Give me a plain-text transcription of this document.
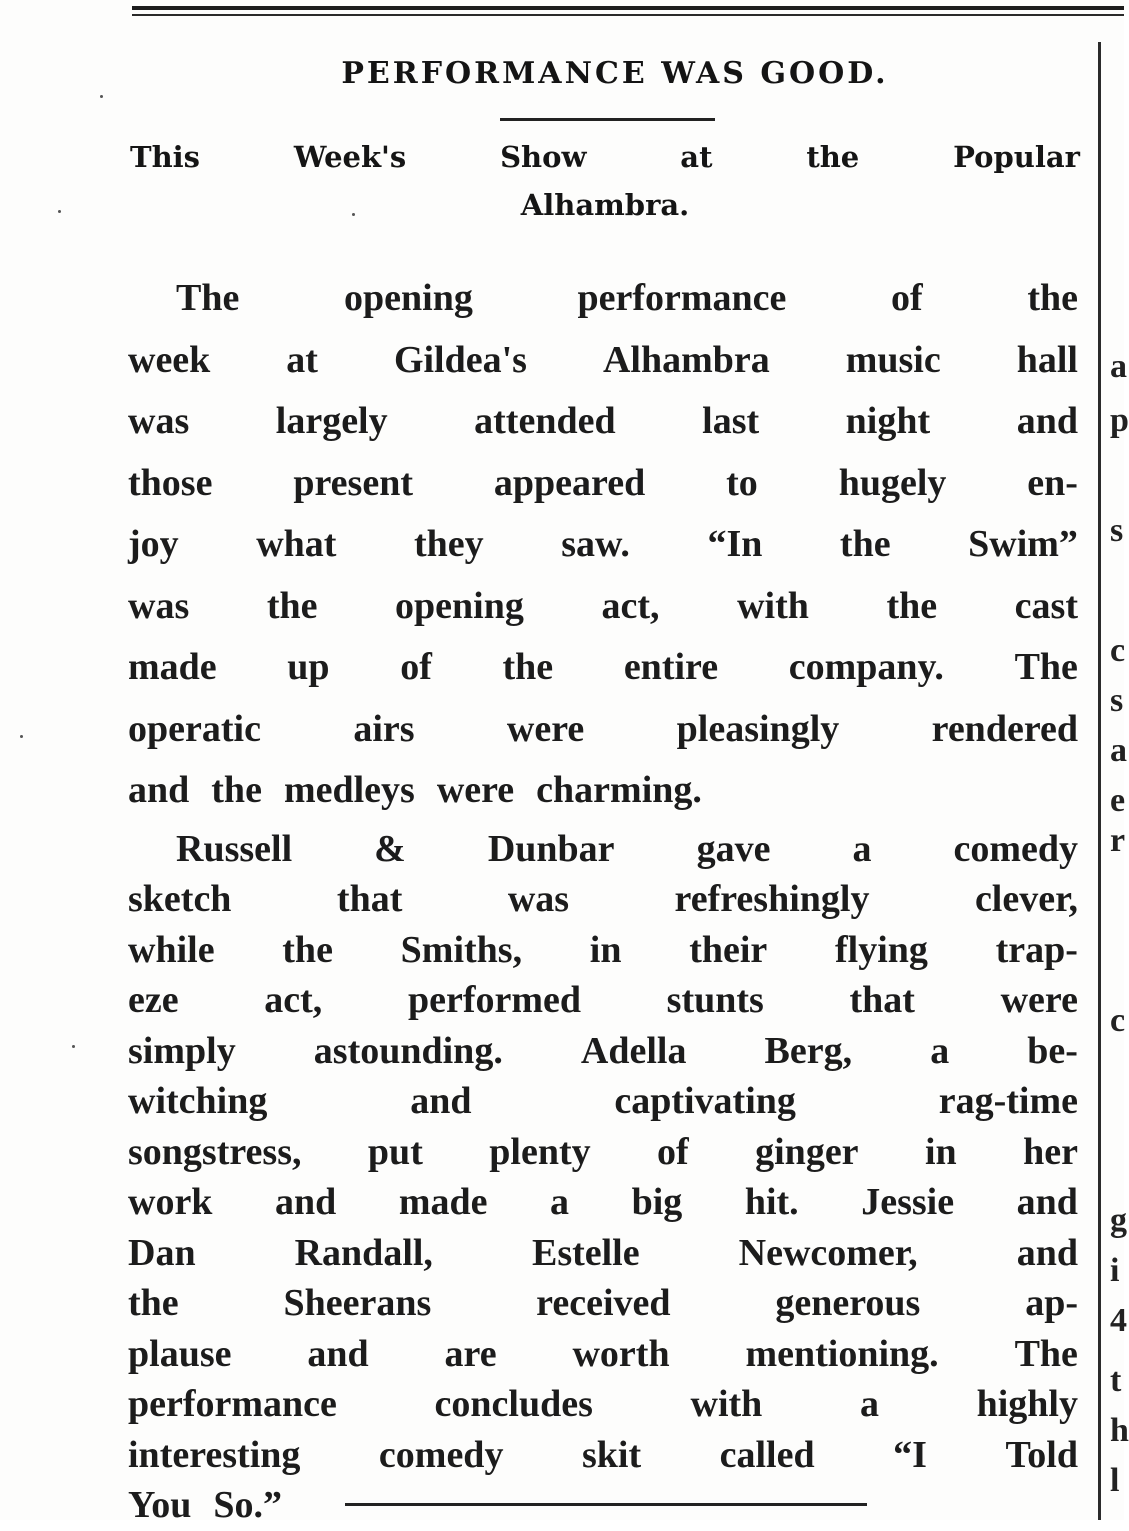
a
p
s
c
s
a
e
r
c
g
i
4
t
h
l
PERFORMANCE WAS GOOD.
This	Week's	Show	at	the	Popular
Alhambra.
The	opening	performance	of	the
week at Gildea's Alhambra music hall
was largely attended last night and
those present appeared to hugely en-
joy what they saw. “In the Swim”
was the opening act, with the cast
made up of the entire company. The
operatic airs were pleasingly rendered
and the medleys were charming.
Russell & Dunbar gave a comedy
sketch	that	was	refreshingly	clever,
while the Smiths, in their flying trap-
eze act, performed stunts that were
simply astounding. Adella Berg, a be-
witching	and	captivating	rag-time
songstress, put plenty of ginger in her
work and made a big hit. Jessie and
Dan	Randall,	Estelle	Newcomer,	and
the	Sheerans	received	generous	ap-
plause and are worth mentioning. The
performance	concludes	with	a	highly
interesting comedy skit called “I Told
You So.”
